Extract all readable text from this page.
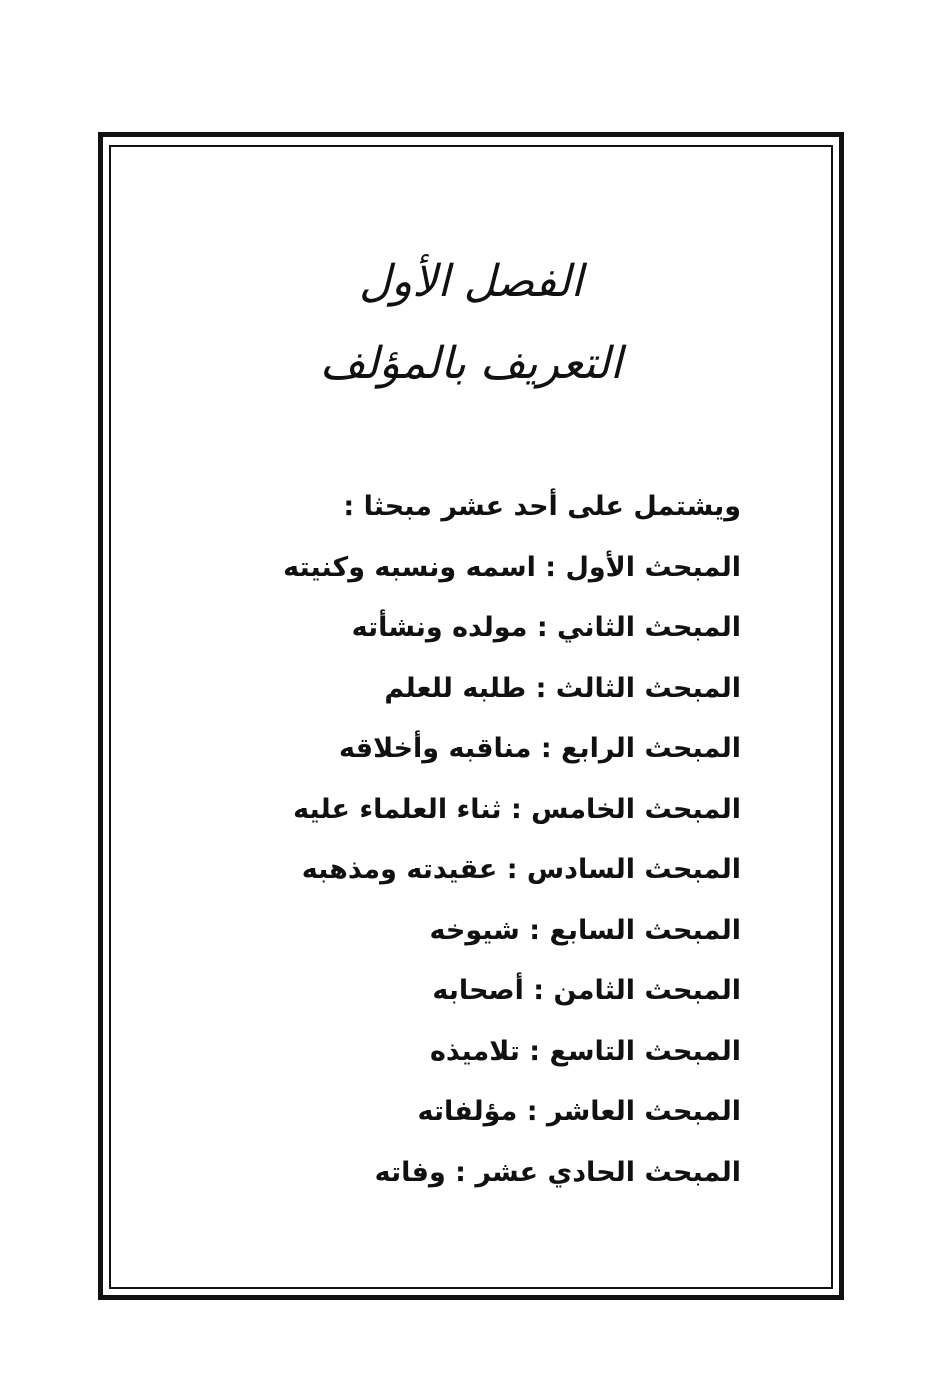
الفصل الأول
التعريف بالمؤلف
ويشتمل على أحد عشر مبحثا :
المبحث الأول : اسمه ونسبه وكنيته
المبحث الثاني : مولده ونشأته
المبحث الثالث : طلبه للعلم
المبحث الرابع : مناقبه وأخلاقه
المبحث الخامس : ثناء العلماء عليه
المبحث السادس : عقيدته ومذهبه
المبحث السابع : شيوخه
المبحث الثامن : أصحابه
المبحث التاسع : تلاميذه
المبحث العاشر : مؤلفاته
المبحث الحادي عشر : وفاته
